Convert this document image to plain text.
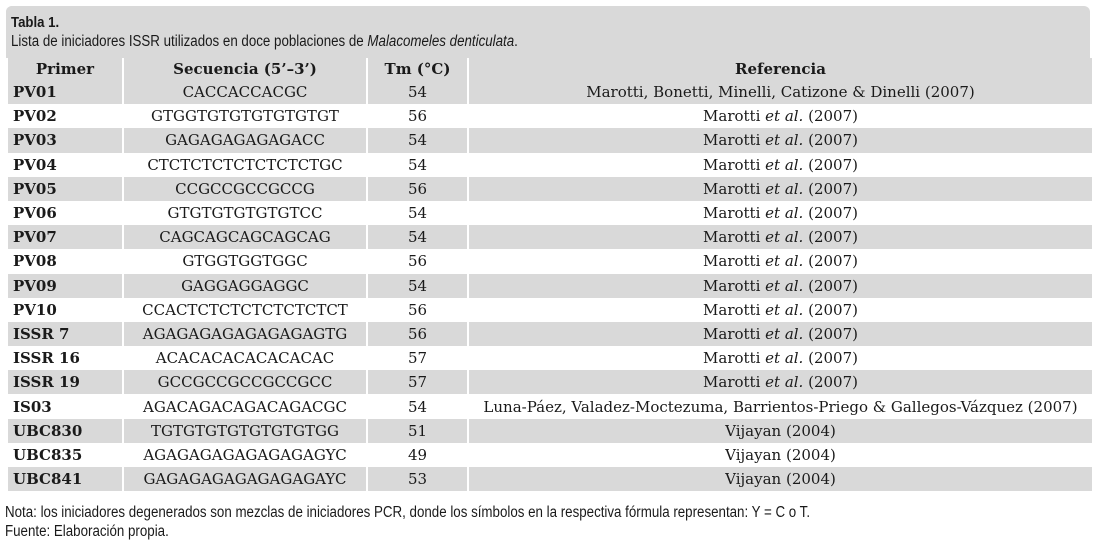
Tabla 1.
Lista de iniciadores ISSR utilizados en doce poblaciones de Malacomeles denticulata.
Primer	Secuencia (5’–3’)	Tm (°C)	Referencia
PV01	CACCACCACGC	54	Marotti, Bonetti, Minelli, Catizone & Dinelli (2007)
PV02	GTGGTGTGTGTGTGTGT	56	Marotti et al. (2007)
PV03	GAGAGAGAGAGACC	54	Marotti et al. (2007)
PV04	CTCTCTCTCTCTCTCTGC	54	Marotti et al. (2007)
PV05	CCGCCGCCGCCG	56	Marotti et al. (2007)
PV06	GTGTGTGTGTGTCC	54	Marotti et al. (2007)
PV07	CAGCAGCAGCAGCAG	54	Marotti et al. (2007)
PV08	GTGGTGGTGGC	56	Marotti et al. (2007)
PV09	GAGGAGGAGGC	54	Marotti et al. (2007)
PV10	CCACTCTCTCTCTCTCTCT	56	Marotti et al. (2007)
ISSR 7	AGAGAGAGAGAGAGAGTG	56	Marotti et al. (2007)
ISSR 16	ACACACACACACACAC	57	Marotti et al. (2007)
ISSR 19	GCCGCCGCCGCCGCC	57	Marotti et al. (2007)
IS03	AGACAGACAGACAGACGC	54	Luna-Páez, Valadez-Moctezuma, Barrientos-Priego & Gallegos-Vázquez (2007)
UBC830	TGTGTGTGTGTGTGTGG	51	Vijayan (2004)
UBC835	AGAGAGAGAGAGAGAGYC	49	Vijayan (2004)
UBC841	GAGAGAGAGAGAGAGAYC	53	Vijayan (2004)
Nota: los iniciadores degenerados son mezclas de iniciadores PCR, donde los símbolos en la respectiva fórmula representan: Y = C o T.
Fuente: Elaboración propia.
